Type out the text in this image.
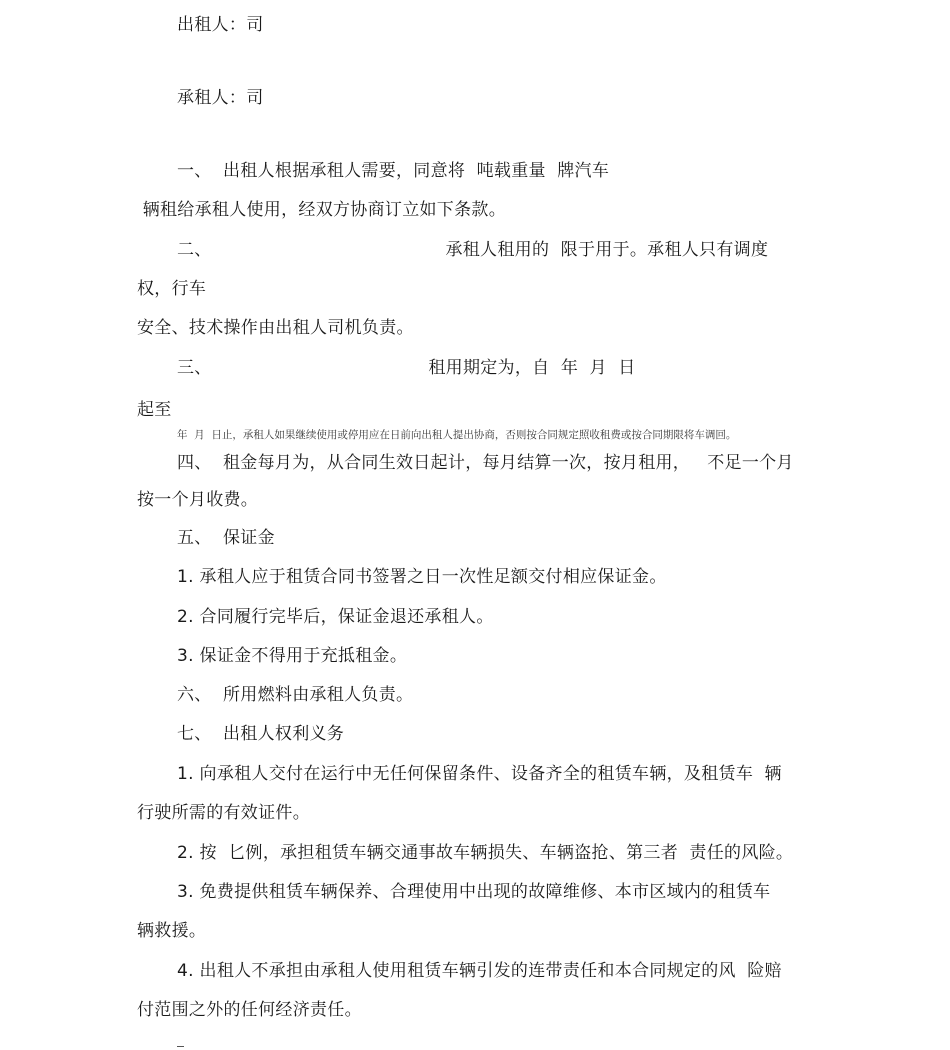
出租人：司
承租人：司
一、  出租人根据承租人需要，同意将  吨载重量  牌汽车
辆租给承租人使用，经双方协商订立如下条款。
二、                                         承租人租用的  限于用于。承租人只有调度
权，行车
安全、技术操作由出租人司机负责。
三、                                      租用期定为，自  年  月  日
起至
年  月  日止，承租人如果继续使用或停用应在日前向出租人提出协商，否则按合同规定照收租费或按合同期限将车调回。
四、  租金每月为，从合同生效日起计，每月结算一次，按月租用，   不足一个月
按一个月收费。
五、  保证金
1. 承租人应于租赁合同书签署之日一次性足额交付相应保证金。
2. 合同履行完毕后，保证金退还承租人。
3. 保证金不得用于充抵租金。
六、  所用燃料由承租人负责。
七、  出租人权利义务
1. 向承租人交付在运行中无任何保留条件、设备齐全的租赁车辆，及租赁车  辆
行驶所需的有效证件。
2. 按  匕例，承担租赁车辆交通事故车辆损失、车辆盗抢、第三者  责任的风险。
3. 免费提供租赁车辆保养、合理使用中出现的故障维修、本市区域内的租赁车
辆救援。
4. 出租人不承担由承租人使用租赁车辆引发的连带责任和本合同规定的风  险赔
付范围之外的任何经济责任。
